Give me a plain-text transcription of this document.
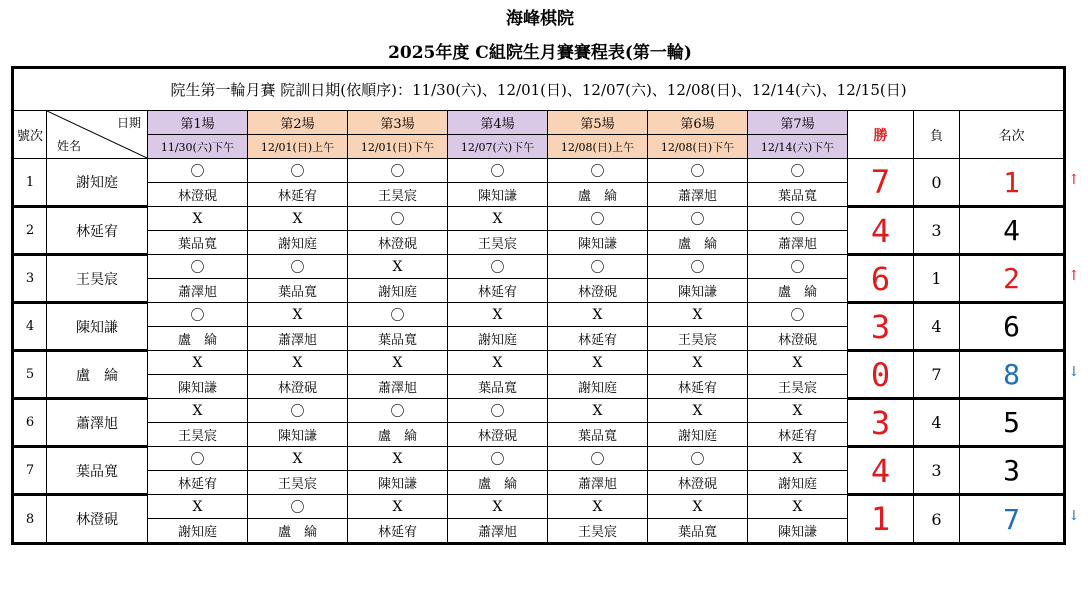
海峰棋院
2025年度 C組院生月賽賽程表(第一輪)
院生第一輪月賽 院訓日期(依順序)：11/30(六)、12/01(日)、12/07(六)、12/08(日)、12/14(六)、12/15(日)											
號次	日期
姓名	第1場	第2場	第3場	第4場	第5場	第6場	第7場	勝	負	名次
		11/30(六)下午	12/01(日)上午	12/01(日)下午	12/07(六)下午	12/08(日)上午	12/08(日)下午	12/14(六)下午			
1	謝知庭	〇	〇	〇	〇	〇	〇	〇	7	0	1
		林澄硯	林延宥	王昊宸	陳知謙	盧　綸	蕭澤旭	葉品寬			
2	林延宥	X	X	〇	X	〇	〇	〇	4	3	4
		葉品寬	謝知庭	林澄硯	王昊宸	陳知謙	盧　綸	蕭澤旭			
3	王昊宸	〇	〇	X	〇	〇	〇	〇	6	1	2
		蕭澤旭	葉品寬	謝知庭	林延宥	林澄硯	陳知謙	盧　綸			
4	陳知謙	〇	X	〇	X	X	X	〇	3	4	6
		盧　綸	蕭澤旭	葉品寬	謝知庭	林延宥	王昊宸	林澄硯			
5	盧　綸	X	X	X	X	X	X	X	0	7	8
		陳知謙	林澄硯	蕭澤旭	葉品寬	謝知庭	林延宥	王昊宸			
6	蕭澤旭	X	〇	〇	〇	X	X	X	3	4	5
		王昊宸	陳知謙	盧　綸	林澄硯	葉品寬	謝知庭	林延宥			
7	葉品寬	〇	X	X	〇	〇	〇	X	4	3	3
		林延宥	王昊宸	陳知謙	盧　綸	蕭澤旭	林澄硯	謝知庭			
8	林澄硯	X	〇	X	X	X	X	X	1	6	7
		謝知庭	盧　綸	林延宥	蕭澤旭	王昊宸	葉品寬	陳知謙			
↑
↑
↓
↓
